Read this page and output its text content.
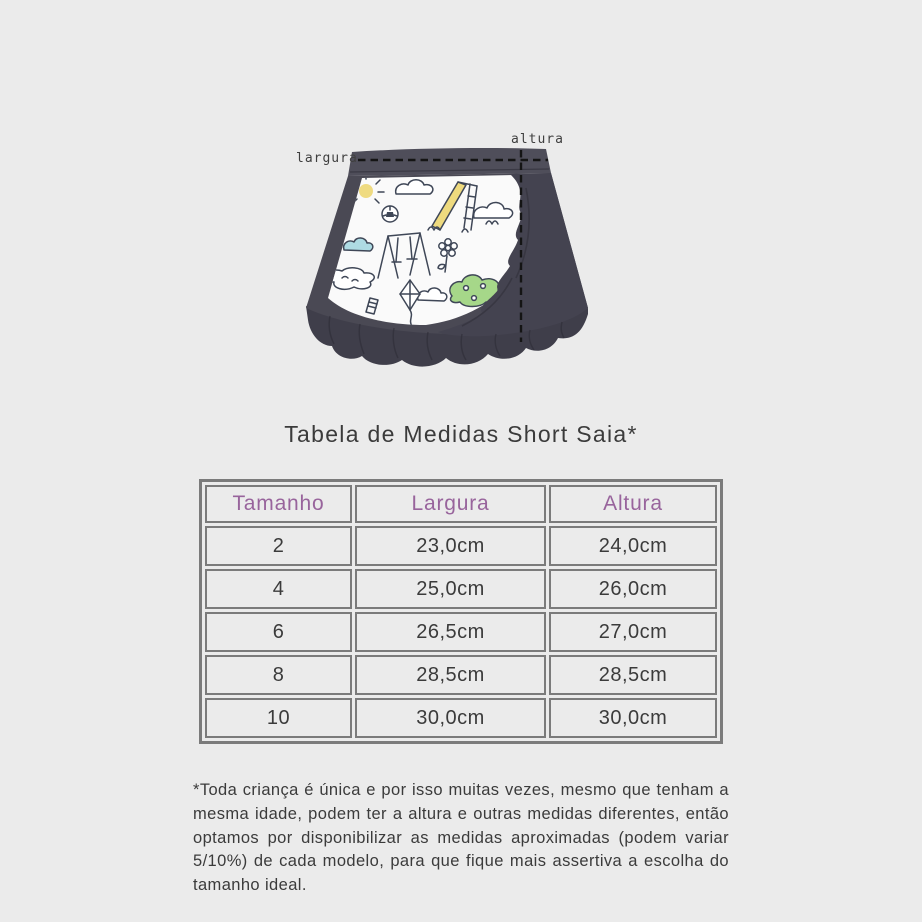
largura
altura
Tabela de Medidas Short Saia*
Tamanho	Largura	Altura
2	23,0cm	24,0cm
4	25,0cm	26,0cm
6	26,5cm	27,0cm
8	28,5cm	28,5cm
10	30,0cm	30,0cm
*Toda criança é única e por isso muitas vezes, mesmo que tenham a mesma idade, podem ter a altura e outras medidas diferentes, então optamos por disponibilizar as medidas aproximadas (podem variar 5/10%) de cada modelo, para que fique mais assertiva a escolha do tamanho ideal.
